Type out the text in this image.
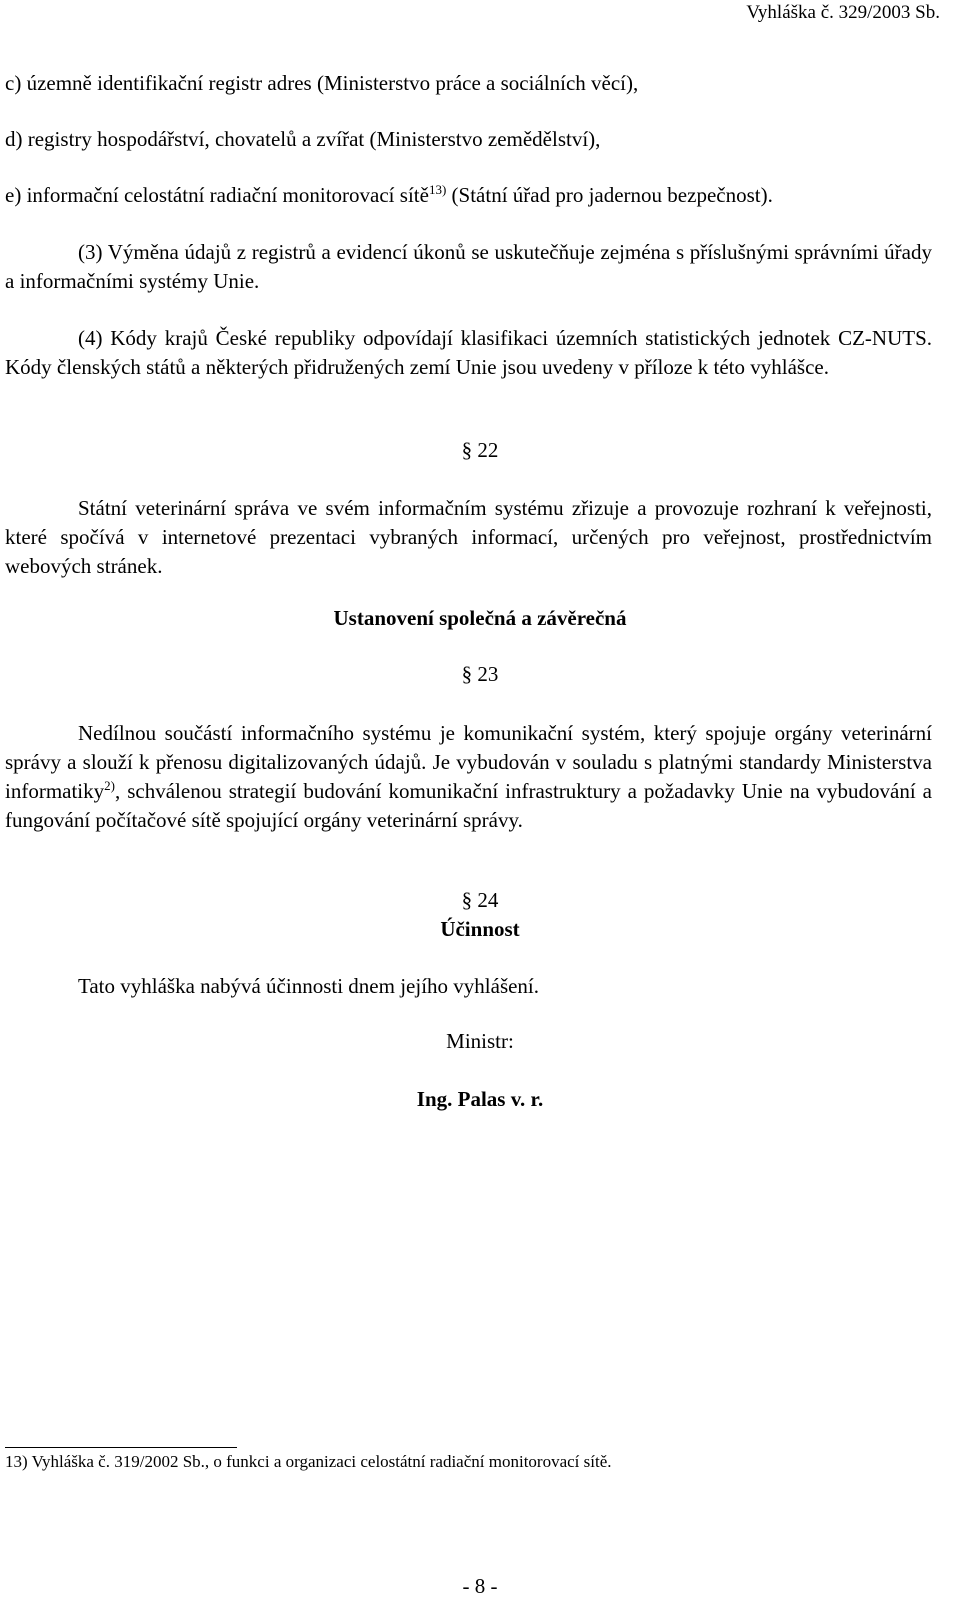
Vyhláška č. 329/2003 Sb.

c) územně identifikační registr adres (Ministerstvo práce a sociálních věcí),

d) registry hospodářství, chovatelů a zvířat (Ministerstvo zemědělství),

e) informační celostátní radiační monitorovací sítě$^{13)}$ (Státní úřad pro jadernou bezpečnost).

(3) Výměna údajů z registrů a evidencí úkonů se uskutečňuje zejména s příslušnými správními úřady a informačními systémy Unie.

(4) Kódy krajů České republiky odpovídají klasifikaci územních statistických jednotek CZ-NUTS. Kódy členských států a některých přidružených zemí Unie jsou uvedeny v příloze k této vyhlášce.

§ 22

Státní veterinární správa ve svém informačním systému zřizuje a provozuje rozhraní k veřejnosti, které spočívá v internetové prezentaci vybraných informací, určených pro veřejnost, prostřednictvím webových stránek.

Ustanovení společná a závěrečná
§ 23

Nedílnou součástí informačního systému je komunikační systém, který spojuje orgány veterinární správy a slouží k přenosu digitalizovaných údajů. Je vybudován v souladu s platnými standardy Ministerstva informatiky$^{2)}$, schválenou strategií budování komunikační infrastruktury a požadavky Unie na vybudování a fungování počítačové sítě spojující orgány veterinární správy.

§ 24
Účinnost

Tato vyhláška nabývá účinnosti dnem jejího vyhlášení.

Ministr:
Ing. Palas v. r.

13) Vyhláška č. 319/2002 Sb., o funkci a organizaci celostátní radiační monitorovací sítě.

- 8 -
